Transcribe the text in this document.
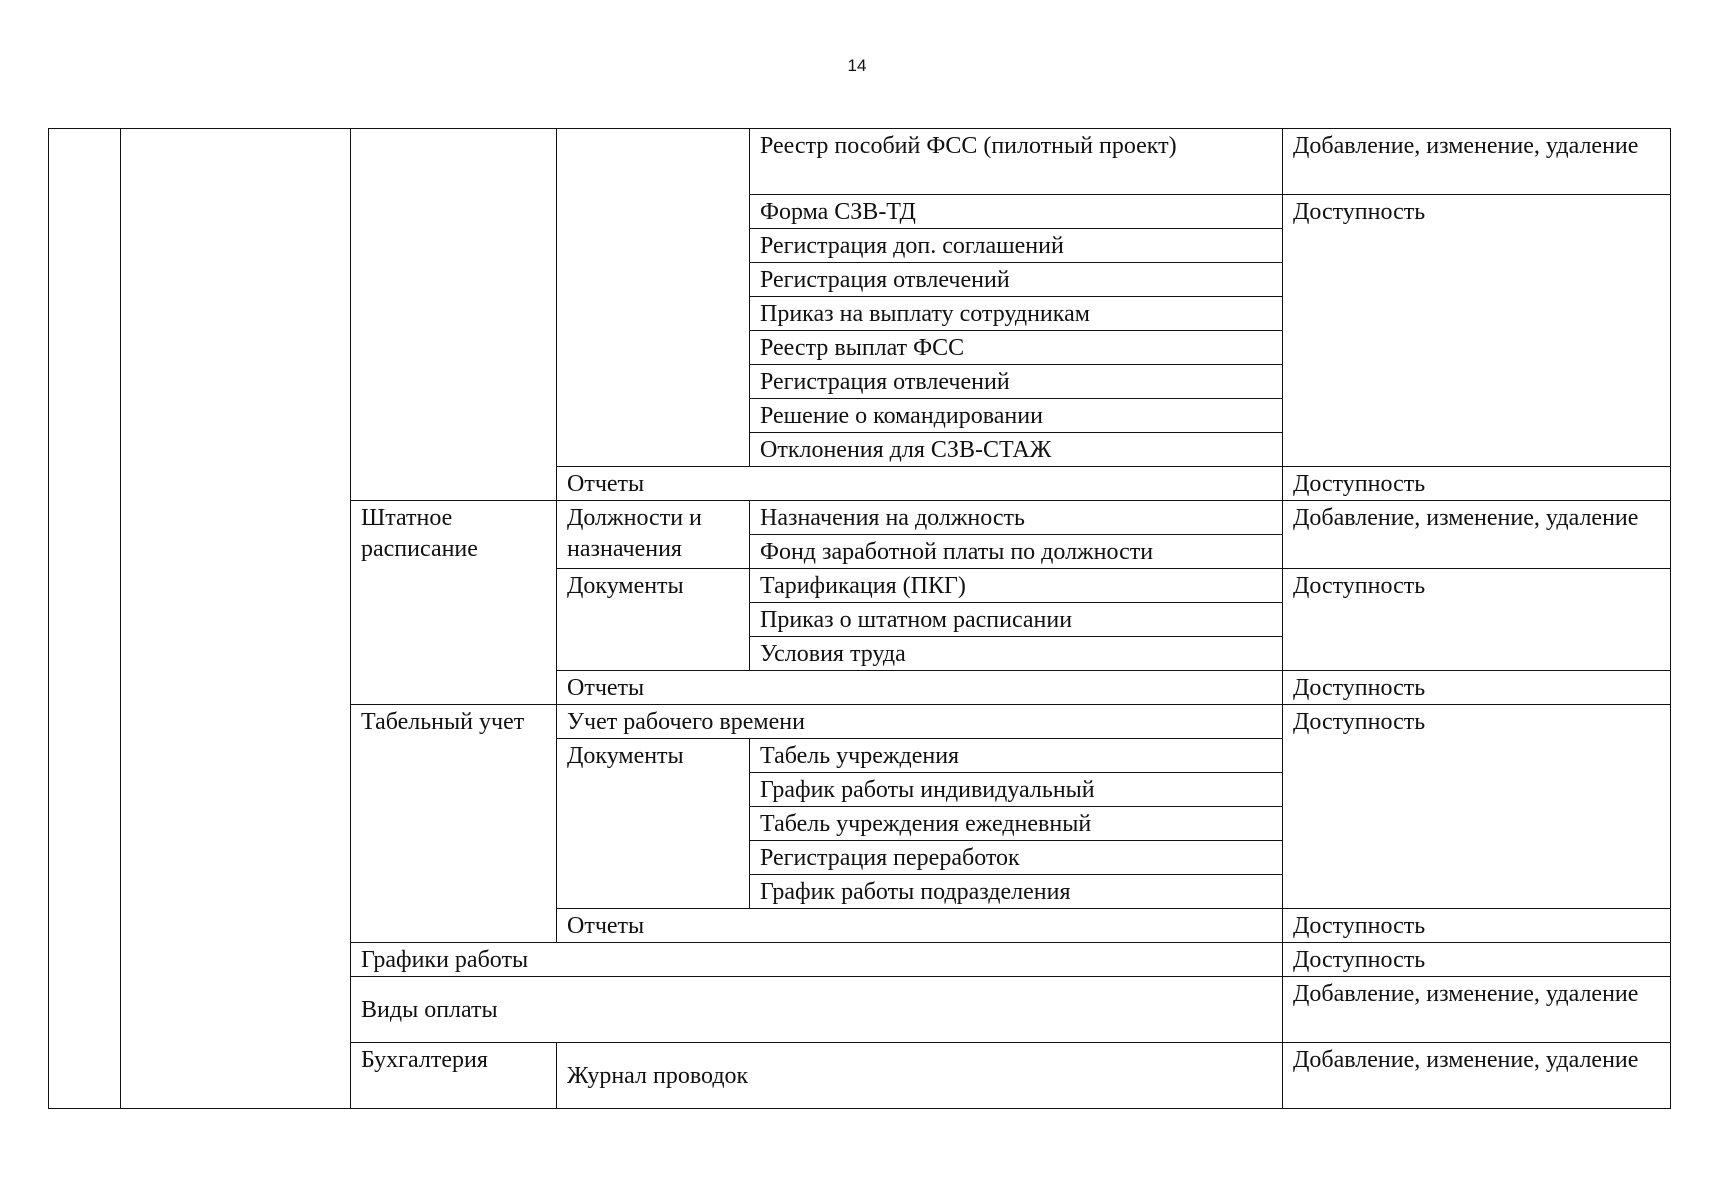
14
				Реестр пособий ФСС (пилотный проект)	Добавление, изменение, удаление
				Форма СЗВ-ТД	Доступность
				Регистрация доп. соглашений	
				Регистрация отвлечений	
				Приказ на выплату сотрудникам	
				Реестр выплат ФСС	
				Регистрация отвлечений	
				Решение о командировании	
				Отклонения для СЗВ-СТАЖ	
			Отчеты		Доступность
		Штатное расписание	Должности и назначения	Назначения на должность	Добавление, изменение, удаление
				Фонд заработной платы по должности	
			Документы	Тарификация (ПКГ)	Доступность
				Приказ о штатном расписании	
				Условия труда	
			Отчеты		Доступность
		Табельный учет	Учет рабочего времени		Доступность
			Документы	Табель учреждения	
				График работы индивидуальный	
				Табель учреждения ежедневный	
				Регистрация переработок	
				График работы подразделения	
			Отчеты		Доступность
		Графики работы			Доступность
		Виды оплаты			Добавление, изменение, удаление
		Бухгалтерия	Журнал проводок		Добавление, изменение, удаление
